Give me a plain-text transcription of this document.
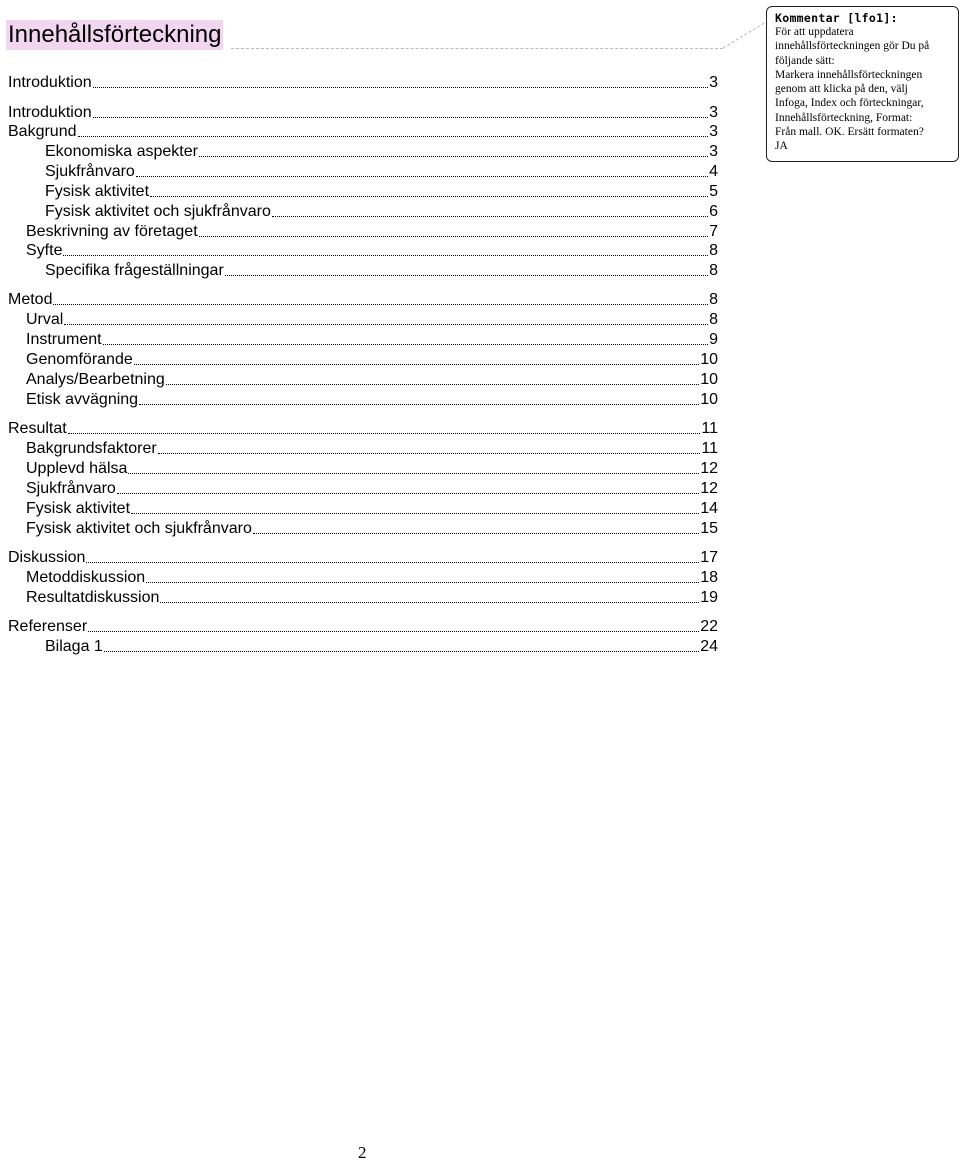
Innehållsförteckning
Introduktion	3
Introduktion	3
Bakgrund	3
Ekonomiska aspekter	3
Sjukfrånvaro	4
Fysisk aktivitet	5
Fysisk aktivitet och sjukfrånvaro	6
Beskrivning av företaget	7
Syfte	8
Specifika frågeställningar	8
Metod	8
Urval	8
Instrument	9
Genomförande	10
Analys/Bearbetning	10
Etisk avvägning	10
Resultat	11
Bakgrundsfaktorer	11
Upplevd hälsa	12
Sjukfrånvaro	12
Fysisk aktivitet	14
Fysisk aktivitet och sjukfrånvaro	15
Diskussion	17
Metoddiskussion	18
Resultatdiskussion	19
Referenser	22
Bilaga 1	24
Kommentar [lfo1]:
För att uppdatera
innehållsförteckningen gör Du på
följande sätt:
Markera innehållsförteckningen
genom att klicka på den, välj
Infoga, Index och förteckningar,
Innehållsförteckning, Format:
Från mall. OK. Ersätt formaten?
JA
2
